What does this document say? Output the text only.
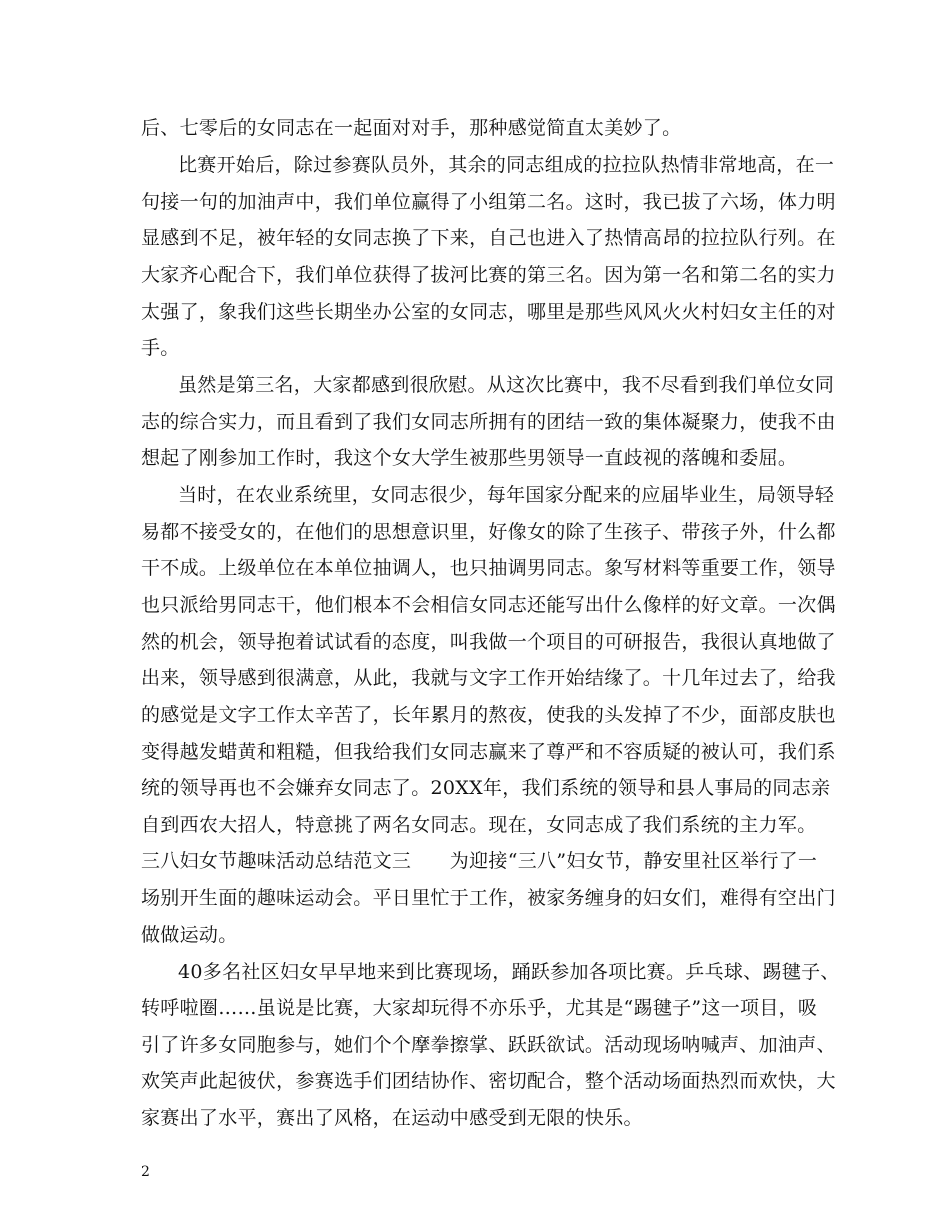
后、七零后的女同志在一起面对对手，那种感觉简直太美妙了。
比赛开始后，除过参赛队员外，其余的同志组成的拉拉队热情非常地高，在一
句接一句的加油声中，我们单位赢得了小组第二名。这时，我已拔了六场，体力明
显感到不足，被年轻的女同志换了下来，自己也进入了热情高昂的拉拉队行列。在
大家齐心配合下，我们单位获得了拔河比赛的第三名。因为第一名和第二名的实力
太强了，象我们这些长期坐办公室的女同志，哪里是那些风风火火村妇女主任的对
手。
虽然是第三名，大家都感到很欣慰。从这次比赛中，我不尽看到我们单位女同
志的综合实力，而且看到了我们女同志所拥有的团结一致的集体凝聚力，使我不由
想起了刚参加工作时，我这个女大学生被那些男领导一直歧视的落魄和委屈。
当时，在农业系统里，女同志很少，每年国家分配来的应届毕业生，局领导轻
易都不接受女的，在他们的思想意识里，好像女的除了生孩子、带孩子外，什么都
干不成。上级单位在本单位抽调人，也只抽调男同志。象写材料等重要工作，领导
也只派给男同志干，他们根本不会相信女同志还能写出什么像样的好文章。一次偶
然的机会，领导抱着试试看的态度，叫我做一个项目的可研报告，我很认真地做了
出来，领导感到很满意，从此，我就与文字工作开始结缘了。十几年过去了，给我
的感觉是文字工作太辛苦了，长年累月的熬夜，使我的头发掉了不少，面部皮肤也
变得越发蜡黄和粗糙，但我给我们女同志赢来了尊严和不容质疑的被认可，我们系
统的领导再也不会嫌弃女同志了。20XX年，我们系统的领导和县人事局的同志亲
自到西农大招人，特意挑了两名女同志。现在，女同志成了我们系统的主力军。
三八妇女节趣味活动总结范文三　　为迎接“三八”妇女节，静安里社区举行了一
场别开生面的趣味运动会。平日里忙于工作，被家务缠身的妇女们，难得有空出门
做做运动。
40多名社区妇女早早地来到比赛现场，踊跃参加各项比赛。乒乓球、踢毽子、
转呼啦圈……虽说是比赛，大家却玩得不亦乐乎，尤其是“踢毽子”这一项目，吸
引了许多女同胞参与，她们个个摩拳擦掌、跃跃欲试。活动现场呐喊声、加油声、
欢笑声此起彼伏，参赛选手们团结协作、密切配合，整个活动场面热烈而欢快，大
家赛出了水平，赛出了风格，在运动中感受到无限的快乐。
2
